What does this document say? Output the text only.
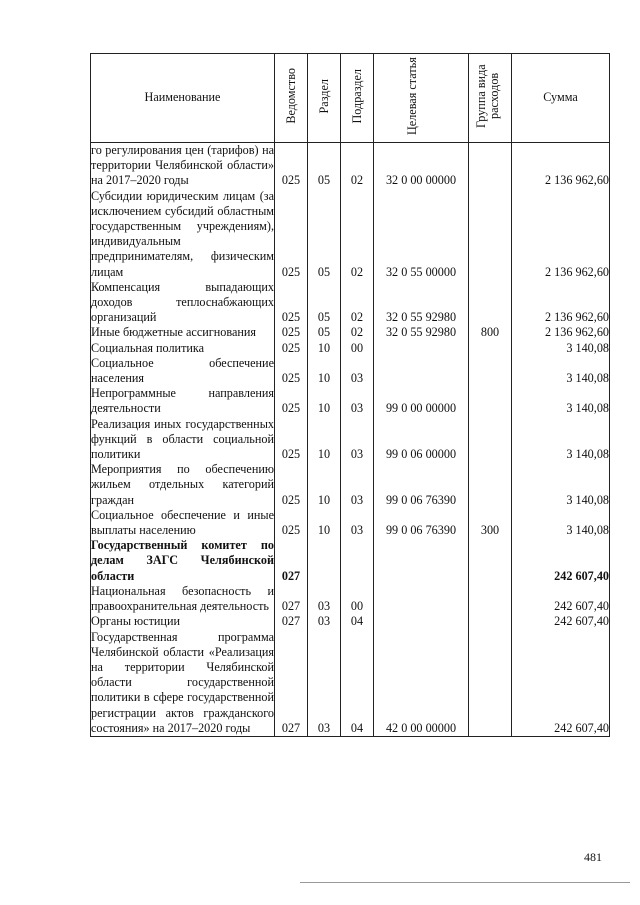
Наименование	Ведомство	Раздел	Подраздел	Целевая статья	Группа вида расходов	Сумма

го регулирования цен (тарифов) на территории Челябинской области» на 2017–2020 годы	025	05	02	32 0 00 00000		2 136 962,60

Субсидии юридическим лицам (за исключением субсидий областным государственным учреждениям), индивидуальным предпринимателям, физическим лицам	025	05	02	32 0 55 00000		2 136 962,60

Компенсация выпадающих доходов теплоснабжающих организаций	025	05	02	32 0 55 92980		2 136 962,60

Иные бюджетные ассигнования	025	05	02	32 0 55 92980	800	2 136 962,60

Социальная политика	025	10	00			3 140,08

Социальное обеспечение населения	025	10	03			3 140,08

Непрограммные направления деятельности	025	10	03	99 0 00 00000		3 140,08

Реализация иных государственных функций в области социальной политики	025	10	03	99 0 06 00000		3 140,08

Мероприятия по обеспечению жильем отдельных категорий граждан	025	10	03	99 0 06 76390		3 140,08

Социальное обеспечение и иные выплаты населению	025	10	03	99 0 06 76390	300	3 140,08

Государственный комитет по делам ЗАГС Челябинской области	027					242 607,40

Национальная безопасность и правоохранительная деятельность	027	03	00			242 607,40

Органы юстиции	027	03	04			242 607,40

Государственная программа Челябинской области «Реализация на территории Челябинской области государственной политики в сфере государственной регистрации актов гражданского состояния» на 2017–2020 годы	027	03	04	42 0 00 00000		242 607,40
481
